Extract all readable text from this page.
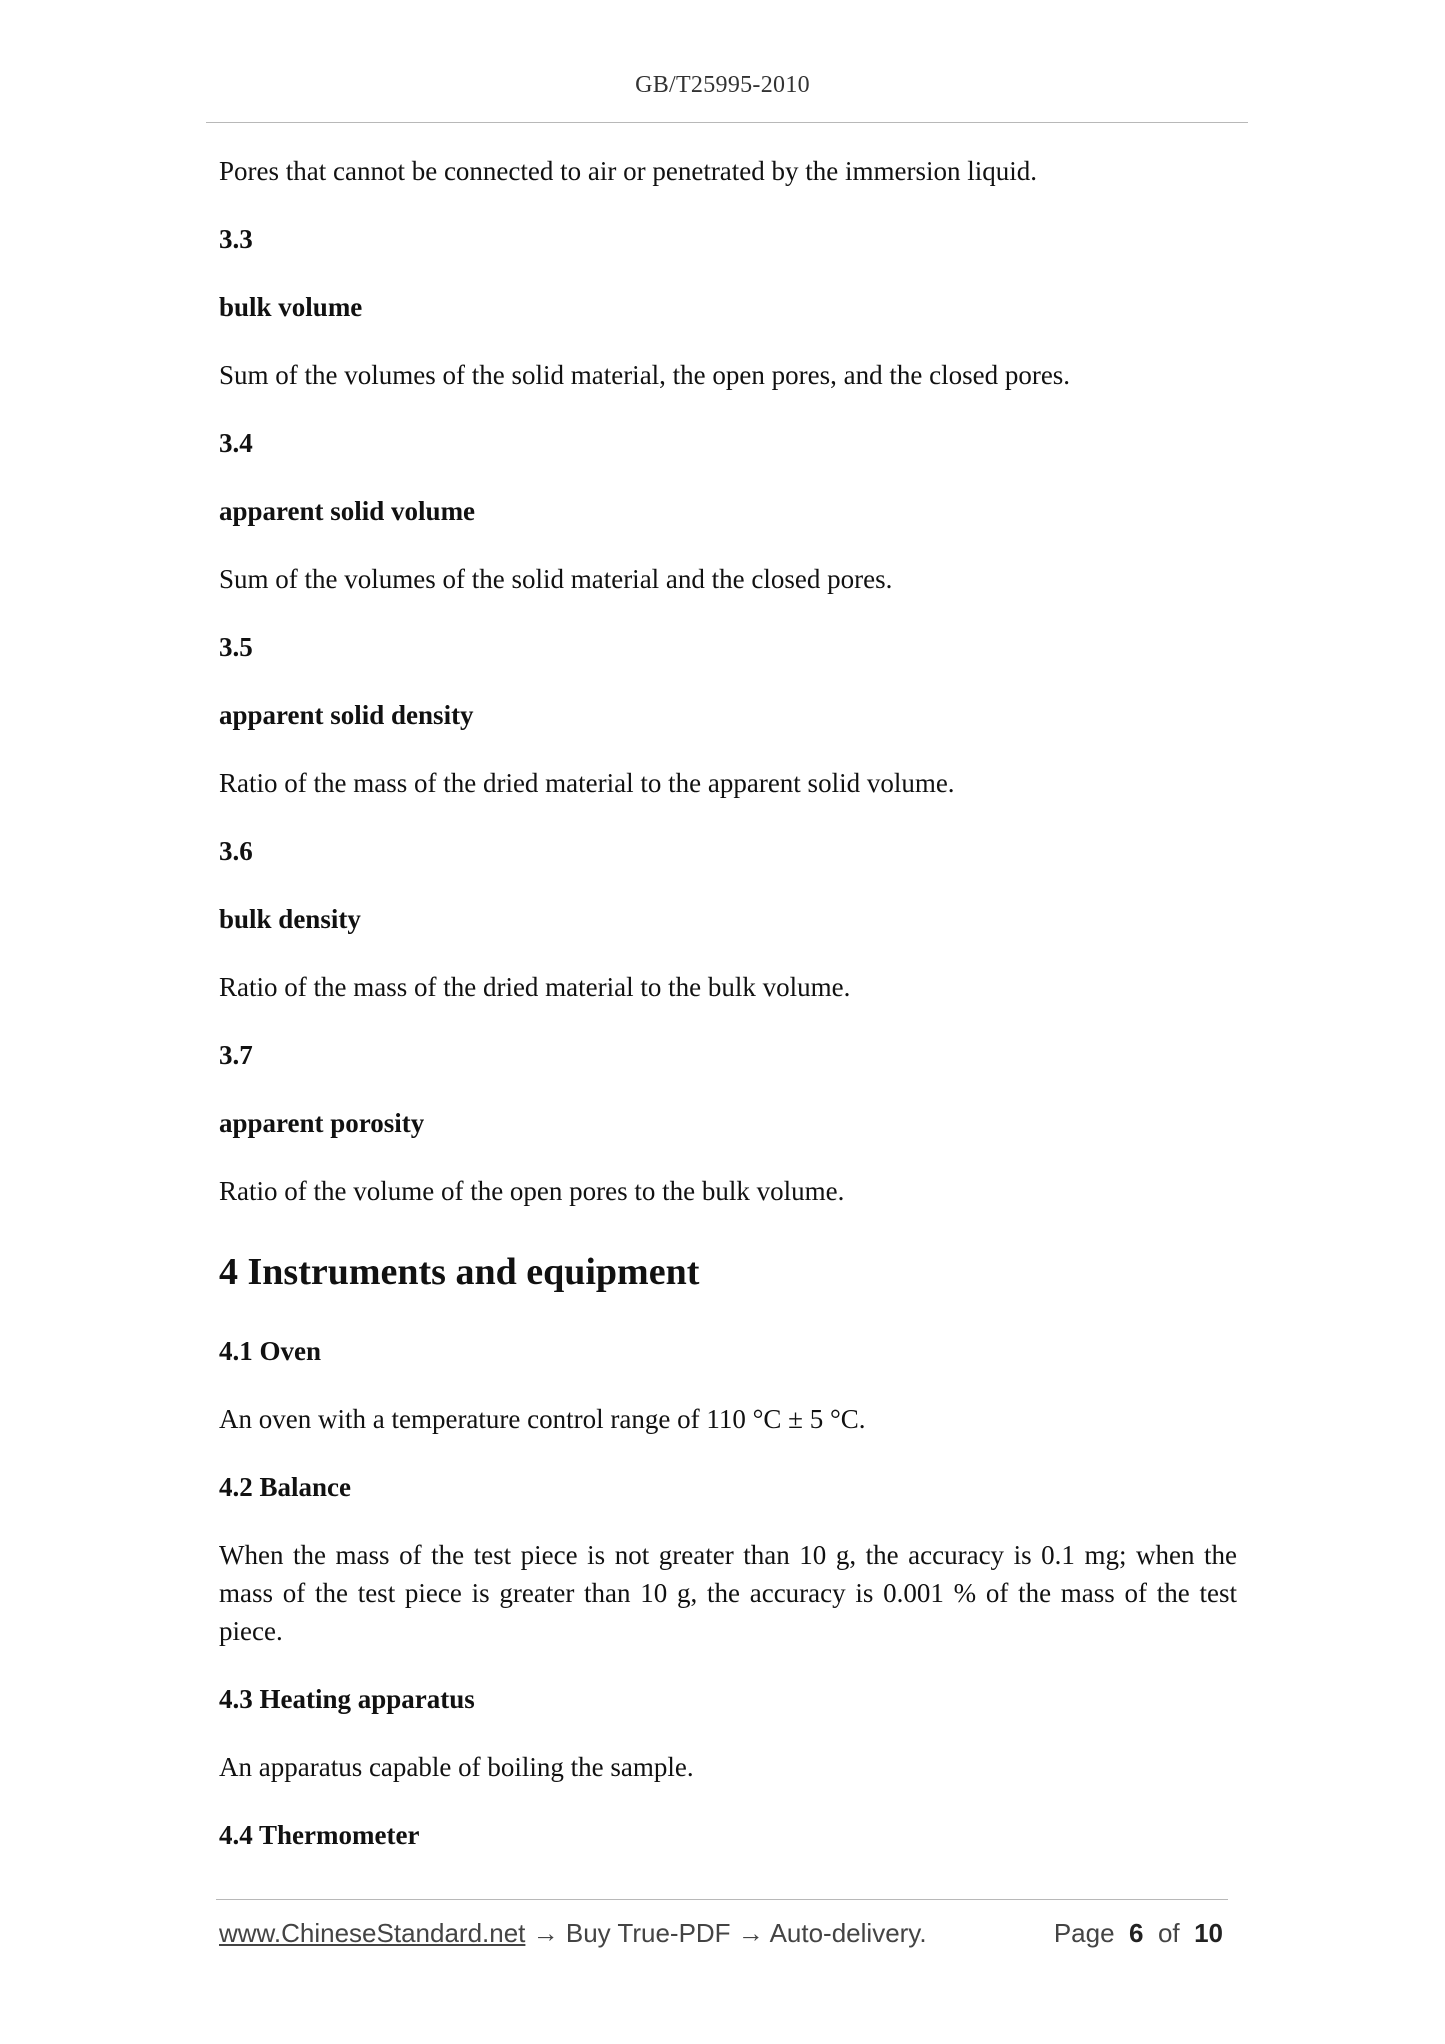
GB/T25995-2010

Pores that cannot be connected to air or penetrated by the immersion liquid.

3.3
bulk volume

Sum of the volumes of the solid material, the open pores, and the closed pores.

3.4
apparent solid volume

Sum of the volumes of the solid material and the closed pores.

3.5
apparent solid density

Ratio of the mass of the dried material to the apparent solid volume.

3.6
bulk density

Ratio of the mass of the dried material to the bulk volume.

3.7
apparent porosity

Ratio of the volume of the open pores to the bulk volume.

4 Instruments and equipment
4.1 Oven

An oven with a temperature control range of 110 °C ± 5 °C.

4.2 Balance

When the mass of the test piece is not greater than 10 g, the accuracy is 0.1 mg; when the mass of the test piece is greater than 10 g, the accuracy is 0.001 % of the mass of the test piece.

4.3 Heating apparatus

An apparatus capable of boiling the sample.

4.4 Thermometer
www.ChineseStandard.net → Buy True-PDF → Auto-delivery.	Page 6 of 10
